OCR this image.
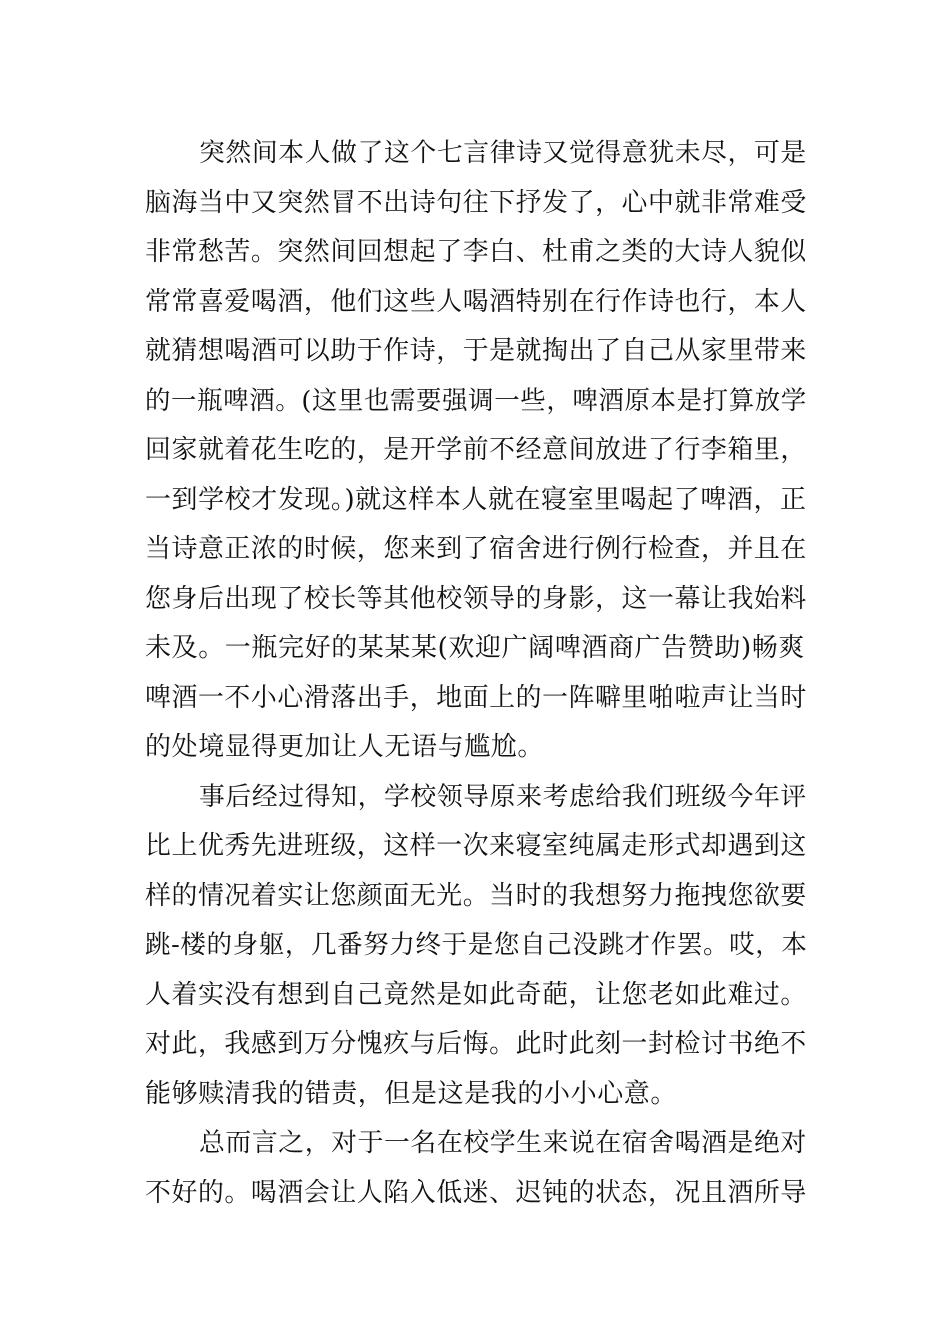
突然间本人做了这个七言律诗又觉得意犹未尽，可是
脑海当中又突然冒不出诗句往下抒发了，心中就非常难受
非常愁苦。突然间回想起了李白、杜甫之类的大诗人貌似
常常喜爱喝酒，他们这些人喝酒特别在行作诗也行，本人
就猜想喝酒可以助于作诗，于是就掏出了自己从家里带来
的一瓶啤酒。(这里也需要强调一些，啤酒原本是打算放学
回家就着花生吃的，是开学前不经意间放进了行李箱里，
一到学校才发现。)就这样本人就在寝室里喝起了啤酒，正
当诗意正浓的时候，您来到了宿舍进行例行检查，并且在
您身后出现了校长等其他校领导的身影，这一幕让我始料
未及。一瓶完好的某某某(欢迎广阔啤酒商广告赞助)畅爽
啤酒一不小心滑落出手，地面上的一阵噼里啪啦声让当时
的处境显得更加让人无语与尴尬。
事后经过得知，学校领导原来考虑给我们班级今年评
比上优秀先进班级，这样一次来寝室纯属走形式却遇到这
样的情况着实让您颜面无光。当时的我想努力拖拽您欲要
跳-楼的身躯，几番努力终于是您自己没跳才作罢。哎，本
人着实没有想到自己竟然是如此奇葩，让您老如此难过。
对此，我感到万分愧疚与后悔。此时此刻一封检讨书绝不
能够赎清我的错责，但是这是我的小小心意。
总而言之，对于一名在校学生来说在宿舍喝酒是绝对
不好的。喝酒会让人陷入低迷、迟钝的状态，况且酒所导
